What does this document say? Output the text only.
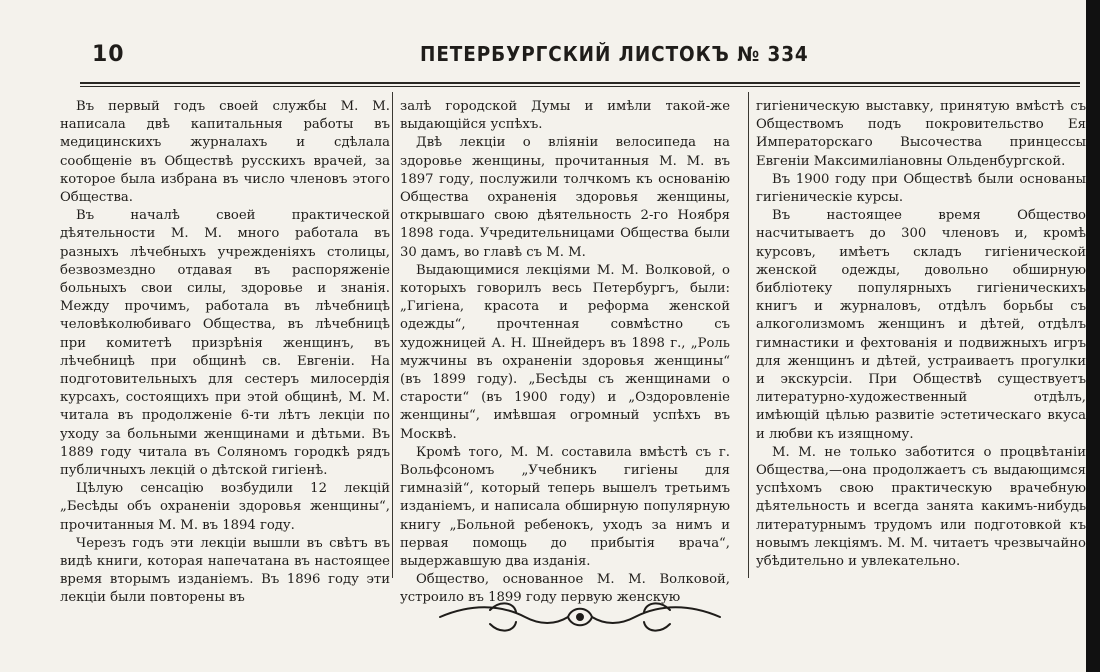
10	ПЕТЕРБУРГСКИЙ ЛИСТОКЪ № 334

Въ первый годъ своей службы М. М. написала двѣ капитальныя работы въ медицинскихъ журналахъ и сдѣлала сообщеніе въ Обществѣ русскихъ врачей, за которое была избрана въ число членовъ этого Общества.

Въ началѣ своей практической дѣятельности М. М. много работала въ разныхъ лѣчебныхъ учрежденіяхъ столицы, безвозмездно отдавая въ распоряженіе больныхъ свои силы, здоровье и знанія. Между прочимъ, работала въ лѣчебницѣ человѣколюбиваго Общества, въ лѣчебницѣ при комитетѣ призрѣнія женщинъ, въ лѣчебницѣ при общинѣ св. Евгеніи. На подготовительныхъ для сестеръ милосердія курсахъ, состоящихъ при этой общинѣ, М. М. читала въ продолженіе 6-ти лѣтъ лекціи по уходу за больными женщинами и дѣтьми. Въ 1889 году читала въ Соляномъ городкѣ рядъ публичныхъ лекцій о дѣтской гигіенѣ.

Цѣлую сенсацію возбудили 12 лекцій „Бесѣды объ охраненіи здоровья женщины“, прочитанныя М. М. въ 1894 году.

Черезъ годъ эти лекціи вышли въ свѣтъ въ видѣ книги, которая напечатана въ настоящее время вторымъ изданіемъ. Въ 1896 году эти лекціи были повторены въ

залѣ городской Думы и имѣли такой-же выдающійся успѣхъ.

Двѣ лекціи о вліяніи велосипеда на здоровье женщины, прочитанныя М. М. въ 1897 году, послужили толчкомъ къ основанію Общества охраненія здоровья женщины, открывшаго свою дѣятельность 2-го Ноября 1898 года. Учредительницами Общества были 30 дамъ, во главѣ съ М. М.

Выдающимися лекціями М. М. Волковой, о которыхъ говорилъ весь Петербургъ, были: „Гигіена, красота и реформа женской одежды“, прочтенная совмѣстно съ художницей А. Н. Шнейдеръ въ 1898 г., „Роль мужчины въ охраненіи здоровья женщины“ (въ 1899 году). „Бесѣды съ женщинами о старости“ (въ 1900 году) и „Оздоровленіе женщины“, имѣвшая огромный успѣхъ въ Москвѣ.

Кромѣ того, М. М. составила вмѣстѣ съ г. Вольфсономъ „Учебникъ гигіены для гимназій“, который теперь вышелъ третьимъ изданіемъ, и написала обширную популярную книгу „Больной ребенокъ, уходъ за нимъ и первая помощь до прибытія врача“, выдержавшую два изданія.

Общество, основанное М. М. Волковой, устроило въ 1899 году первую женскую

гигіеническую выставку, принятую вмѣстѣ съ Обществомъ подъ покровительство Ея Императорскаго Высочества принцессы Евгеніи Максимиліановны Ольденбургской.

Въ 1900 году при Обществѣ были основаны гигіеническіе курсы.

Въ настоящее время Общество насчитываетъ до 300 членовъ и, кромѣ курсовъ, имѣетъ складъ гигіенической женской одежды, довольно обширную библіотеку популярныхъ гигіеническихъ книгъ и журналовъ, отдѣлъ борьбы съ алкоголизмомъ женщинъ и дѣтей, отдѣлъ гимнастики и фехтованія и подвижныхъ игръ для женщинъ и дѣтей, устраиваетъ прогулки и экскурсіи. При Обществѣ существуетъ литературно-художественный отдѣлъ, имѣющій цѣлью развитіе эстетическаго вкуса и любви къ изящному.

М. М. не только заботится о процвѣтаніи Общества,—она продолжаетъ съ выдающимся успѣхомъ свою практическую врачебную дѣятельность и всегда занята какимъ-нибудь литературнымъ трудомъ или подготовкой къ новымъ лекціямъ. М. М. читаетъ чрезвычайно убѣдительно и увлекательно.
